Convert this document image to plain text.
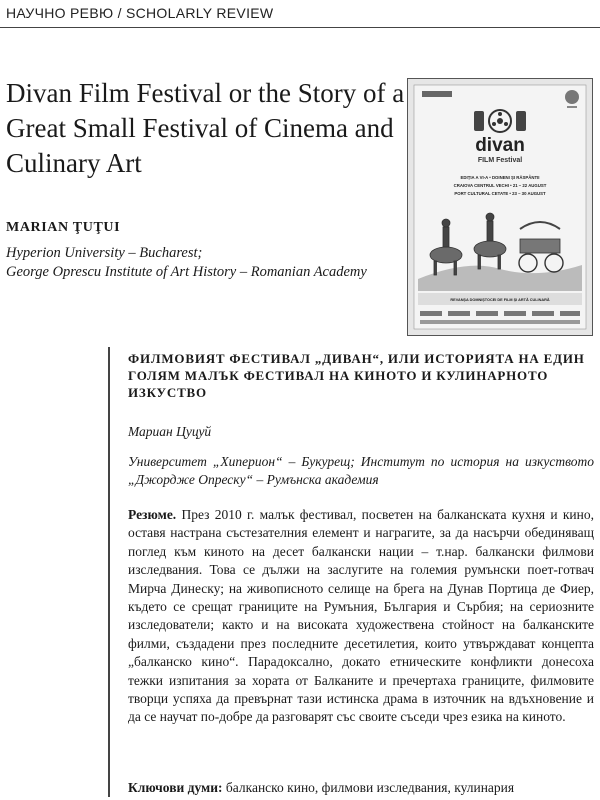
НАУЧНО РЕВЮ / SCHOLARLY REVIEW
Divan Film Festival or the Story of a Great Small Festival of Cinema and Culinary Art
MARIAN ŢUŢUI
Hyperion University – Bucharest;
George Oprescu Institute of Art History – Romanian Academy
divan
FILM Festival
EDIȚIA A VI-A • DOINENI ȘI RĂSPÂNTII
CRAIOVA CENTRUL VECHI • 21 – 22 AUGUST
PORT CULTURAL CETATE • 23 – 30 AUGUST
REVANȘA DOMNIȘTOCEI DE FILM ȘI ARTĂ CULINARĂ
ФИЛМОВИЯТ ФЕСТИВАЛ „ДИВАН“, ИЛИ ИСТОРИЯТА НА ЕДИН ГОЛЯМ МАЛЪК ФЕСТИВАЛ НА КИНОТО И КУЛИНАРНОТО ИЗКУСТВО
Мариан Цуцуй
Университет „Хиперион“ – Букурещ; Институт по история на изкуството „Джордже Опреску“ – Румънска академия
Резюме. През 2010 г. малък фестивал, посветен на балканската кухня и кино, оставя настрана състезателния елемент и награгите, за да насърчи обединяващ поглед към киното на десет балкански нации – т.нар. балкански филмови изследвания. Това се дължи на заслугите на големия румънски поет-готвач Мирча Динеску; на живописното селище на брега на Дунав Портица де Фиер, където се срещат границите на Румъния, България и Сърбия; на сериозните изследователи; както и на високата художествена стойност на балканските филми, създадени през последните десетилетия, които утвърждават концепта „балканско кино“. Парадоксално, докато етническите конфликти донесоха тежки изпитания за хората от Балканите и пречертаха границите, филмовите творци успяха да превърнат тази истинска драма в източник на вдъхновение и да се научат по-добре да разговарят със своите съседи чрез езика на киното.
Ключови думи: балканско кино, филмови изследвания, кулинария
